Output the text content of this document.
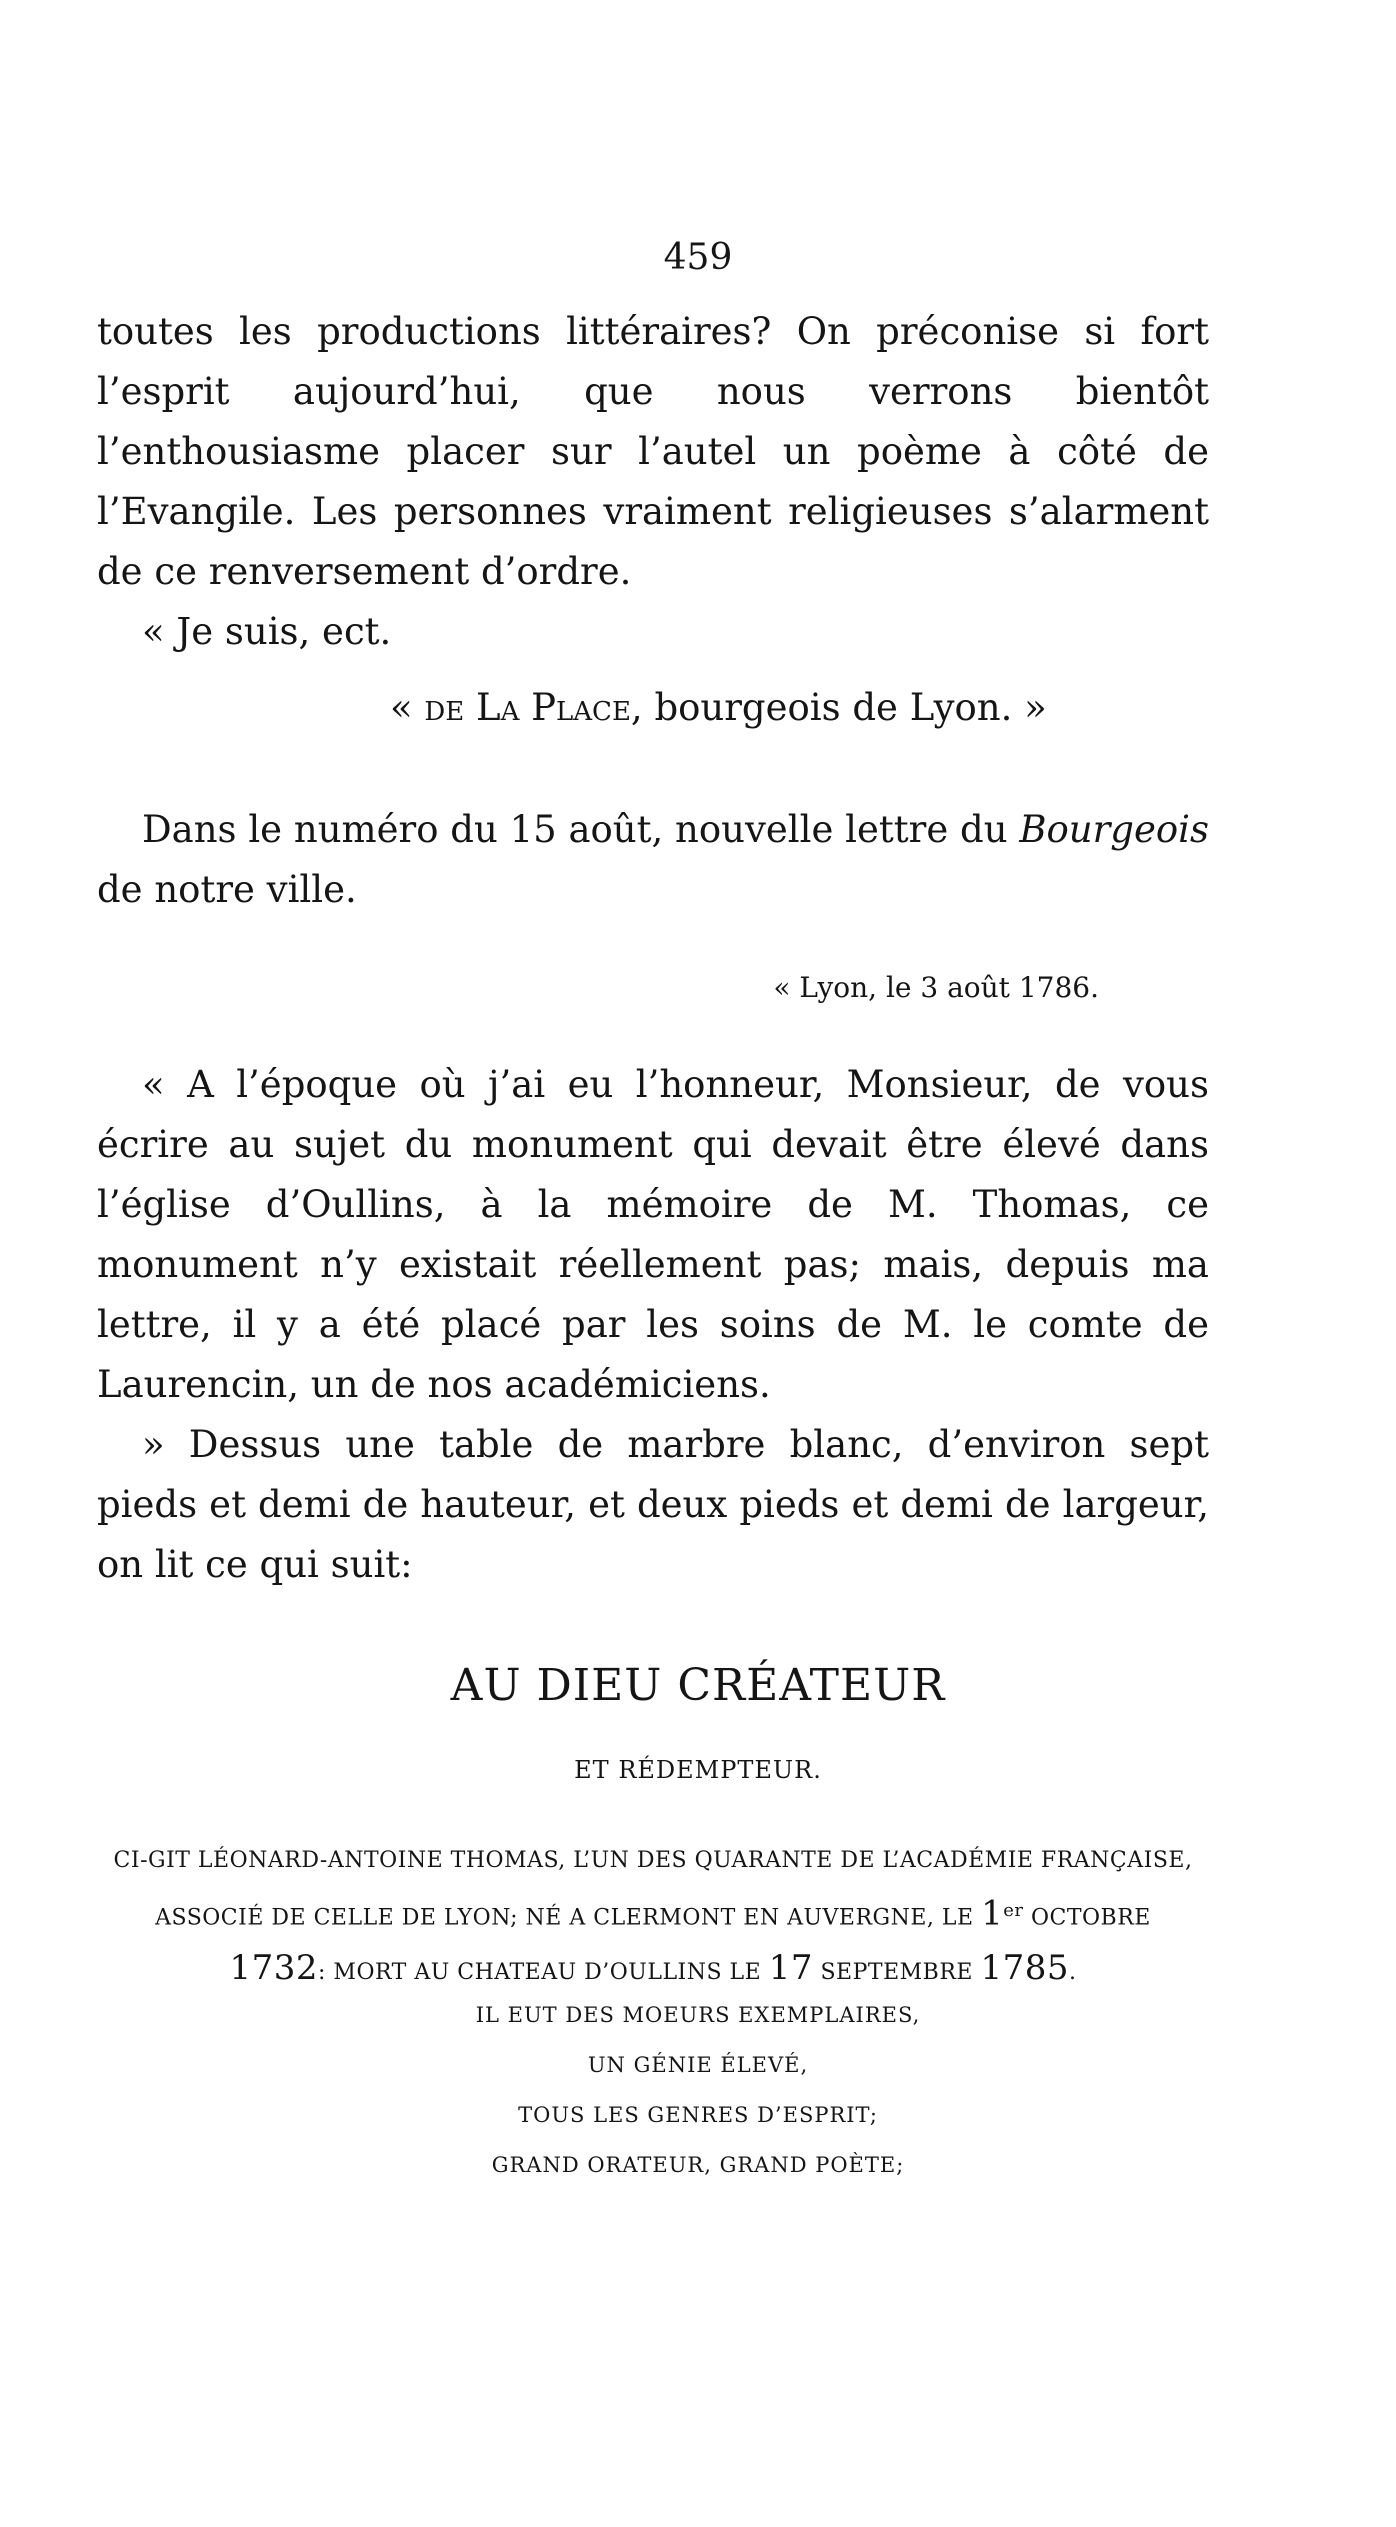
459

toutes les productions littéraires? On préconise si fort l’esprit aujourd’hui, que nous verrons bientôt l’enthousiasme placer sur l’autel un poème à côté de l’Evangile. Les personnes vraiment religieuses s’alarment de ce renversement d’ordre.

« Je suis, ect.

« de La Place, bourgeois de Lyon. »

Dans le numéro du 15 août, nouvelle lettre du Bourgeois de notre ville.

« Lyon, le 3 août 1786.

« A l’époque où j’ai eu l’honneur, Monsieur, de vous écrire au sujet du monument qui devait être élevé dans l’église d’Oullins, à la mémoire de M. Thomas, ce monument n’y existait réellement pas; mais, depuis ma lettre, il y a été placé par les soins de M. le comte de Laurencin, un de nos académiciens.

» Dessus une table de marbre blanc, d’environ sept pieds et demi de hauteur, et deux pieds et demi de largeur, on lit ce qui suit:

AU DIEU CRÉATEUR
ET RÉDEMPTEUR.
CI-GIT LÉONARD-ANTOINE THOMAS, L’UN DES QUARANTE DE L’ACADÉMIE FRANÇAISE, ASSOCIÉ DE CELLE DE LYON; NÉ A CLERMONT EN AUVERGNE, LE 1er OCTOBRE
1732: MORT AU CHATEAU D’OULLINS LE 17 SEPTEMBRE 1785.
IL EUT DES MOEURS EXEMPLAIRES,
UN GÉNIE ÉLEVÉ,
TOUS LES GENRES D’ESPRIT;
GRAND ORATEUR, GRAND POÈTE;
